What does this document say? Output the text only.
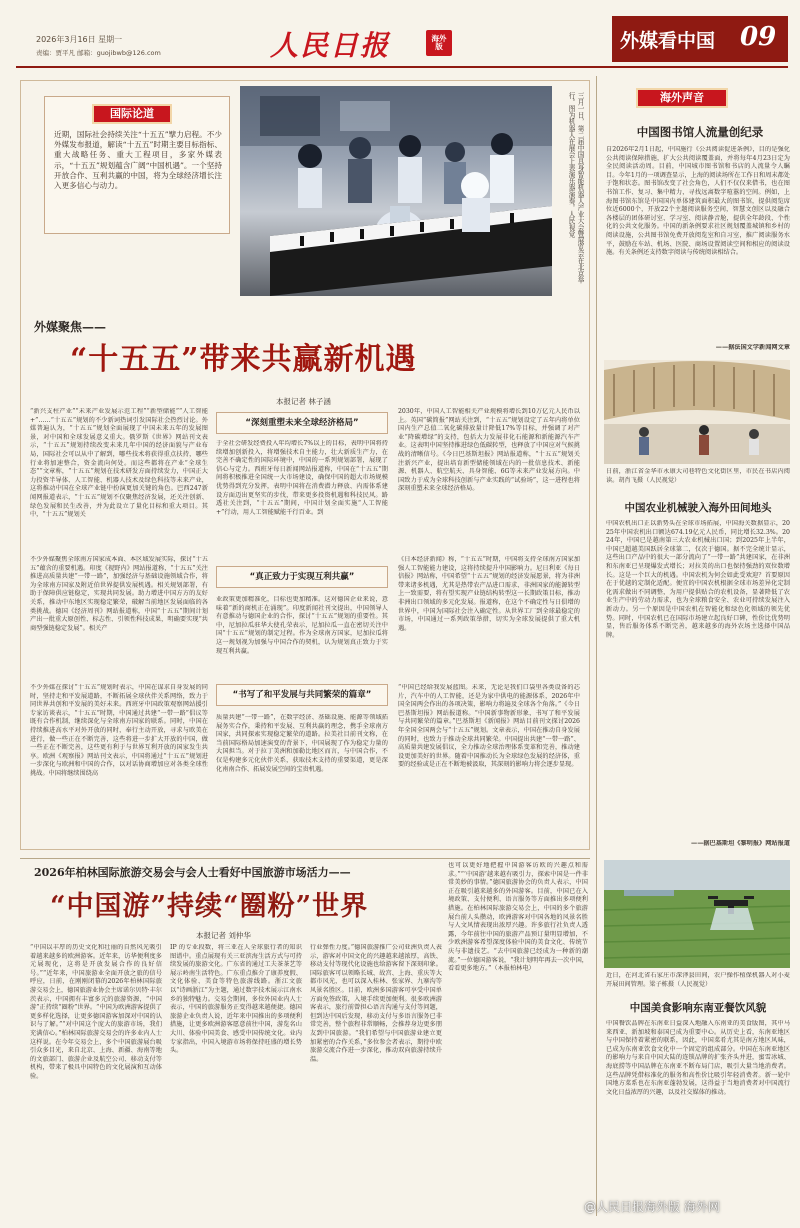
2026年3月16日 星期一
责编：贾平凡 邮箱：guojibwb@126.com	人民日报	海外版	外媒看中国 09
国际论道
近期，国际社会持续关注“十五五”擘力启程。不少外媒发布报道，解读“十五五”时期主要目标指标、重大战略任务、重大工程项目，多家外媒表示，“十五五”规划蕴含广阔“中国机遇”。一个坚持开放合作、互利共赢的中国，将为全球经济增长注入更多信心与动力。	三月一日，第二届中国具身智能机器人产业大会暨展览会在北京举行。图为机器人在展会上表演乐器演奏。人民视觉
外媒聚焦——
“十五五”带来共赢新机遇
本报记者 林子涵
“新兴支柱产业”“未来产业发展示范工程”“新型储能”“人工智能+”……“十五五”规划的不少新词热词引发国际社会热烈讨论。外媒普遍认为，“十五五”规划全面展现了中国未来五年的发展图景，对中国和全球发展意义重大。俄罗斯《世界》网站刊文表示，“十五五”规划持续改变未来几年中国的经济面貌与产业布局，国际社会可以从中了解到，哪些技术将获得重点扶持，哪些行业将加速整合，资金流向何处。而这些都将在产业“全球生态”“文章称，“十五五”规划在技术研发方面持续发力，中国正大力投资半导体、人工智能、机器人技术及绿色科技等未来产业，这将推动中国在全球产业链中扮演更加关键的角色。巴西247新闻网报道表示，“十五五”规划不仅聚焦经济发展，还关注创新、绿色发展和民生改善，并为此设立了量化目标和重大项目。其中，“十五五”规划关
“深刻重塑未来全球经济格局”
于全社会研发经费投入年均增长7%以上的目标，表明中国将持续增加创新投入，将增强技术自主能力，壮大新质生产力，在完善不确定性的国际环境中，中国的一系列规划部署，展现了信心与定力。西班牙每日新闻网站报道称，中国在“十五五”期间将积极推进全国统一大市场建设，确保中国的超大市场规模优势得到充分发挥，表明中国将在消费潜力释放、内需体系建设方面迈出更坚实的步伐，带来更多投资机遇和科技民风。路透社关注到，“十五五”期间，中国计划全面实施“人工智能+”行动，用人工智能赋能千行百业。到
2030年，中国人工智能相关产业规模将增长到10万亿元人民币以上。英国“碳简报”网站关注到，“十五五”规划设定了五年内将单位国内生产总值二氧化碳排放量计降低17%等目标，并强调了对产业“降碳增绿”的支持，包括大力发展非化石能源和新能源汽车产业。这表明中国坚持推进绿色低碳转型，也释放了中国应对气候挑战的清晰信号。《今日巴基斯坦报》网站报道称，“十五五”规划关注新兴产业，提出培育新型储能领域在内的一批信息技术、新能源、机器人、航空航天、具身智能、6G等未来产业发展方向。中国致力于成为全球科技创新与产业实践的“试验场”，这一进程也将深刻重塑未来全球经济格局。
不少外媒聚焦全球南方国家成本面、本区域发展实际，探讨“十五五”蕴含的重要机遇。印度《视野内》网站报道称，“十五五”关注推进高质量共建“一带一路”，加强经济与基础设施领域合作，将为全球南方国家及附近伯世界提供发展机遇。相关规划部署，有助于保障供应链稳定，实现共同发展。助力增进中国方方的友好关系，推动中东地区实现稳定繁荣，破解当前地区发展面临的各类挑战。德国《经济周刊》网站报道称，中国“十五五”期间计划产出一批重大原创性、标志性、引领性科技成果，明确要实现“共商型强链稳定发展”。相关产
“真正致力于实现互利共赢”
业政策更加精准化，目标也更加精准。这对德国企业来说，意味着“新的商机正在涌现”。印度新闻社刊文提出，中国领导人有意推动与德国企业的合作，探讨“十五五”规划的重要性。其中，尼加拉瓜驻华大使孔荣表示，尼加拉瓜一直在密切关注中国“十五五”规划的制定过程。作为全球南方国家，尼加拉瓜将这一规划视为加强与中国合作的契机，认为规划真正致力于实现互利共赢。
《日本经济新闻》称，“十五五”时期，中国将支持全球南方国家加强人工智能能力建设，这将持续提升中国影响力。尼日利亚《每日信报》网站称，中国希望“十五五”规划的经济发展愿景，将为非洲带来诸多机遇，尤其是热带农产品进口需求、非洲国家的能源转型上一致需要，将有望实现产业链结构转型这一长期政策目标，推动非洲出口领域的多元化发展。报道称，在这个不确定性与日俱增的世界中，中国为国际社会注入确定性。从世界工厂到全球最稳定的市场，中国通过一系列政策举措，切实为全球发展提供了重大机遇。
不少外媒在探讨“十五五”规划时表示，中国在谋求自身发展的同时，坚持走和平发展道路，不断拓展全球伙伴关系网络，致力于同世界共创和平发展的美好未来。西班牙中国政策观察网站援引专家访谈表示，“十五五”时期，中国通过共建“一带一路”倡议等既有合作机制，继续深化与全球南方国家的联系。同时，中国在持续推进高水平对外开放的同时，奉行主动开放，寻求与欧美在进行，做一些正在不断完善，这些将进一步扩大开放的中国，做一些正在不断完善，这些更有利于与世界互利开放的国家发生共享。欧洲《观察报》网站刊文表示，中国将通过“十五五”规划进一步深化与欧洲和中国的合作，以对话协商增加应对各类全球性挑战。中国将继续围绕高
“书写了和平发展与共同繁荣的篇章”
质量共建“一带一路”，在数字经济、基础设施、能源等领域拓展务实合作，秉持和平发展、互利共赢的理念，携手全球南方国家，共同探索实现稳定繁荣的道路。拉美社目前刊文称，在当前国际格局加速演变的背景下，中国展现了作为稳定力量的大国担当。对于拉丁美洲和加勒比地区而言，与中国合作，不仅是构建多元化伙伴关系，获取技术支持的重要渠道，更是深化南南合作、拓展发展空间的宝贵机遇。
“中国已经给我发展蓝图。未来，无论是我们口袋里各类设备的芯片，汽车中的人工智能，还是为家中供电的能源体系，2026年中国全国两会作出的各项决策，影响力将遍及全球各个角落。”《今日巴基斯坦报》网站报道称。“中国新事物新形象，书写了和平发展与共同繁荣的篇章。”巴基斯坦《新闻报》网站目前刊文探讨2026年全国全国两会与“十五五”规划。文章表示，中国在推动自身发展的同时，也致力于推动全球共同繁荣。中国提出共建“一带一路”、高质量共建发展倡议，全力推动全球治理体系变革和完善，推动建设更加美好的世界。随着中国推动长为全球绿色发展的经济体，重要的经验或是正在不断地被汲取，其深刻的影响力将会逐步显现。
2026年柏林国际旅游交易会与会人士看好中国旅游市场活力——
“中国游”持续“圈粉”世界
本报记者 刘仲华
“中国以丰厚的历史文化和壮丽的自然风光吸引着越来越多的欧洲游客。近年来，访华便利度多元展现化，这将是开放发展合作的良好信号。”“近年来，中国旅游业全面开放之旅的信号呼应，日前，在刚刚闭幕的2026年柏林国际旅游交易会上，德国旅游业协会主席诺尔贝特·丰尔茨表示，中国拥有丰富多元的旅游资源，“中国游”正持续“圈粉”世界。“中国为欧洲游客提供了更多样化选择，让更多德国游客加深对中国的认识与了解。”“对中国这个庞大的旅游市场，我们充满信心。”柏林国际旅游交易会的许多业内人士这样说。在今年交易会上，多个中国旅游展台吸引众多目光，来自北京、上海、新疆、海南等地的文旅部门、旅游企业及航空公司、移动支付等机构，带来了极具中国特色的文化展演和互动体验。
IP 的专业段数，将三亚在人全球旅行者的知识图谱中。重点展现有关三亚滨海生活方式与可持续发展的旅游文化。广东省的通过工夫茶茶艺等展示岭南生活特色。广东重点推介了康养度假、文化体验、美食等特色旅游线路。浙江文旅以“诗画浙江”为主题，通过数字技术展示江南水乡的独特魅力。交易会期间，多位外国业内人士表示，中国的旅游服务正变得越来越便捷。德国旅游企业负责人说，近年来中国推出的多项便利措施，让更多欧洲游客愿意前往中国，游览名山大川、体验中国美食、感受中国传统文化。业内专家指出，中国入境游市场将保持旺盛的增长势头。
行业弹性力度。”德国旅游推广公司亚洲负责人表示，游客对中国文化的兴趣越来越浓厚，高铁、移动支付等现代化设施也给游客留下深刻印象。国际旅客可以领略长城、故宫、上海、重庆等大都市风光，也可以深入桂林、张家界、九寨沟等风景名胜区。目前，欧洲多国游客可享受中国单方面免签政策，入境手续更加便利。很多欧洲游客表示，旅行前曾担心语言沟通与支付等问题，但到达中国后发现，移动支付与多语言服务已非常完善，整个旅程非常顺畅，会推荐身边更多朋友到中国旅游。“我们希望与中国旅游业建立更加紧密的合作关系，”多位参会者表示，期待中欧旅游交流合作进一步深化，推动双向旅游持续升温。
也可以更好地把握中国游客访欧的兴趣点和需求。”“‘中国游’越来越有吸引力，探索中国是一件非常美妙的事情。”德国旅游协会的负责人表示，中国正在吸引越来越多的外国游客。目前，中国已在入境政策、支付便利、语言服务等方面推出多项便利措施。在柏林国际旅游交易会上，中国的多个旅游展台前人头攒动，欧洲游客对中国各地的风景名胜与人文风情表现出浓厚兴趣。许多旅行社负责人透露，今年前往中国的旅游产品预订量明显增加，不少欧洲游客希望深度体验中国的美食文化、传统节庆与非遗技艺。“去中国旅游已经成为一种新的潮流。”一位德国游客说，“我计划明年再去一次中国，看看更多地方。”（本报柏林电）
海外声音
中国图书馆人流量创纪录
自2026年2月1日起，中国施行《公共阅读促进条例》，目的是强化公共阅读保障措施，扩大公共阅读覆盖面，并将每年4月23日定为全民阅读活动周。目前，中国城市图书馆和书店的人流量令人瞩目。今年1月的一项调查显示，上海的阅读场所在工作日和周末都处于饱和状态。图书馆改变了社会角色，人们不仅仅来借书，也在图书馆工作、复习、集中精力，寻找远离数字喧嚣的空间。例如，上海图书馆东馆是中国国内单体建筑面积最大的图书馆，提供阅览席位近6000个，开放22个主题阅读服务空间，智慧文创区以及融合各楼层的团体研讨室、学习室、阅读静音舱，提供全年龄段、个性化的公共文化服务。中国的新条例要求社区规划覆盖城镇和乡村的阅读设施，公共图书馆免费开放阅览室和自习室，推广阅读服务水平，鼓励在车站、机场、医院、商场设置阅读空间和相应的阅读设施。有关条例还支持数字阅读与传统阅读相结合。
——据法国文学新闻网文章
日前，浙江省金华市永康大司巷特色文化街区里，市民在书店内阅读。胡肖飞摄（人民视觉）
中国农业机械驶入海外田间地头
中国农机出口正以新势头在全球市场拓展，中国海关数据显示，2025年中国农机出口额达674.19亿元人民币，同比增长32.3%。2024年，中国已是越南第三大农业机械出口国；到2025年上半年，中国已超越美国跃居全球第二，仅次于德国。据不完全统计显示，这些出口产品中的很大一部分流向了“一带一路”共建国家，在非洲和东南亚已呈现爆发式增长；对拉美的出口也保持强劲的双位数增长。这是一个巨大的机遇。中国农机为何会如此受欢迎？首要原因在于优越的定制化适配。便宜的中国农机根据全球市场差异化定制化需求做出不同调整，为用户提供贴合的农机设备，显著降低了农业生产中的劳动力需求，也为全球粮食安全、农业可持续发展注入新动力。另一个原因是中国农机在智能化和绿色化领域的领先优势。同时，中国农机已在国际市场建立起良好口碑，性价比优势明显，售后服务体系不断完善，越来越多的海外农场主选择中国品牌。
——据巴基斯坦《黎明报》网站报道
近日，在河北省石家庄市深泽县田间，农户操作植保机器人对小麦开展田间管理。梁子栋摄（人民视觉）
中国美食影响东南亚餐饮风貌
中国餐饮品牌在东南亚日益深入地融入东南亚的美食版图，其中马来西亚、新加坡和泰国已成为重要中心。从历史上看，东南亚地区与中国保持着紧密的联系，因此，中国菜肴尤其是南方地区风味，已成为东南亚饮食文化中一个固定的组成部分。中国在东南亚地区的影响力与来自中国大陆的连锁品牌的扩张齐头并进，蜜雪冰城、海底捞等中国品牌在东南亚不断布局门店，吸引大量当地消费者。这些品牌凭借标准化的服务和高性价比吸引年轻消费者。新一轮中国地方菜系也在东南亚蓬勃发展，这得益于当地消费者对中国流行文化日益浓厚的兴趣，以及社交媒体的推动。
@人民日报海外版 海外网
